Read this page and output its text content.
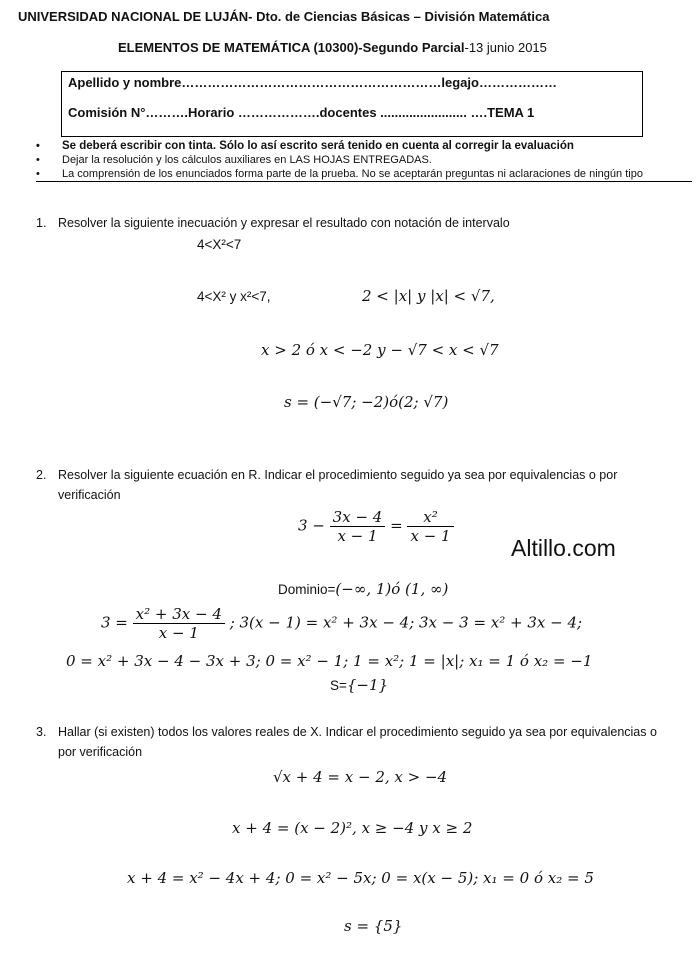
UNIVERSIDAD NACIONAL DE LUJÁN- Dto. de Ciencias Básicas – División Matemática
ELEMENTOS DE MATEMÁTICA (10300)-Segundo Parcial-13 junio 2015
Apellido y nombre……………………………………………………legajo………………
Comisión N°……….Horario ……………….docentes ........................ ….TEMA 1
• Se deberá escribir con tinta. Sólo lo así escrito será tenido en cuenta al corregir la evaluación
• Dejar la resolución y los cálculos auxiliares en LAS HOJAS ENTREGADAS.
• La comprensión de los enunciados forma parte de la prueba. No se aceptarán preguntas ni aclaraciones de ningún tipo
1. Resolver la siguiente inecuación y expresar el resultado con notación de intervalo
4<X²<7
4<X² y x²<7,	2 < |x| y |x| < √7,
x > 2 ó x < −2 y − √7 < x < √7
s = (−√7; −2)ó(2; √7)
2. Resolver la siguiente ecuación en R. Indicar el procedimiento seguido ya sea por equivalencias o por
verificación
$3 - \frac{3x - 4}{x - 1} = \frac{\text{x²}}{x - 1}$
Altillo.com
Dominio=(−∞, 1)ó (1, ∞)
$3 = \frac{\text{x² + 3x − 4}}{x - 1}$ ; 3(x − 1) = x² + 3x − 4; 3x − 3 = x² + 3x − 4;
0 = x² + 3x − 4 − 3x + 3; 0 = x² − 1; 1 = x²; 1 = |x|; x₁ = 1 ó x₂ = −1
S={−1}
3. Hallar (si existen) todos los valores reales de X. Indicar el procedimiento seguido ya sea por equivalencias o
por verificación
√x + 4 = x − 2, x > −4
x + 4 = (x − 2)², x ≥ −4 y x ≥ 2
x + 4 = x² − 4x + 4; 0 = x² − 5x; 0 = x(x − 5); x₁ = 0 ó x₂ = 5
s = {5}
